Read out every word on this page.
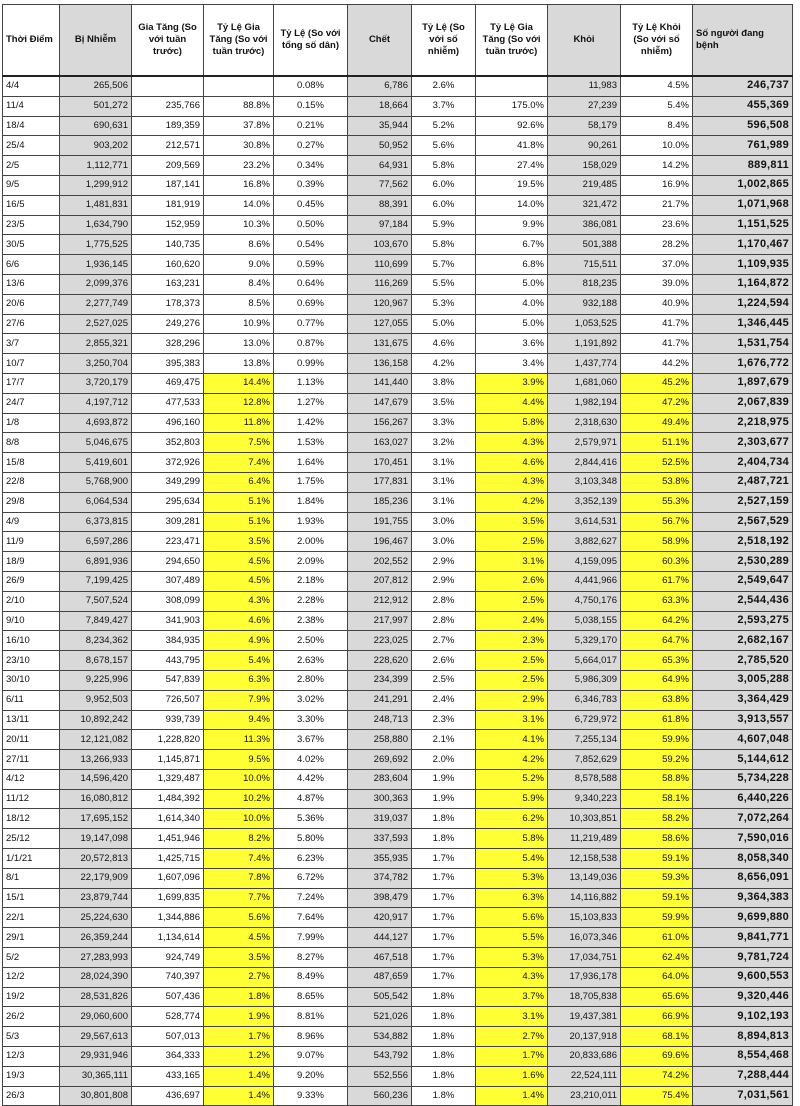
Thời Điểm	Bị Nhiễm	Gia Tăng (So với tuần trước)	Tỷ Lệ Gia Tăng (So với tuần trước)	Tỷ Lệ (So với tổng số dân)	Chết	Tỷ Lệ (So với số nhiễm)	Tỷ Lệ Gia Tăng (So với tuần trước)	Khỏi	Tỷ Lệ Khỏi (So với số nhiễm)	Số người đang bệnh
4/4	265,506			0.08%	6,786	2.6%		11,983	4.5%	246,737
11/4	501,272	235,766	88.8%	0.15%	18,664	3.7%	175.0%	27,239	5.4%	455,369
18/4	690,631	189,359	37.8%	0.21%	35,944	5.2%	92.6%	58,179	8.4%	596,508
25/4	903,202	212,571	30.8%	0.27%	50,952	5.6%	41.8%	90,261	10.0%	761,989
2/5	1,112,771	209,569	23.2%	0.34%	64,931	5.8%	27.4%	158,029	14.2%	889,811
9/5	1,299,912	187,141	16.8%	0.39%	77,562	6.0%	19.5%	219,485	16.9%	1,002,865
16/5	1,481,831	181,919	14.0%	0.45%	88,391	6.0%	14.0%	321,472	21.7%	1,071,968
23/5	1,634,790	152,959	10.3%	0.50%	97,184	5.9%	9.9%	386,081	23.6%	1,151,525
30/5	1,775,525	140,735	8.6%	0.54%	103,670	5.8%	6.7%	501,388	28.2%	1,170,467
6/6	1,936,145	160,620	9.0%	0.59%	110,699	5.7%	6.8%	715,511	37.0%	1,109,935
13/6	2,099,376	163,231	8.4%	0.64%	116,269	5.5%	5.0%	818,235	39.0%	1,164,872
20/6	2,277,749	178,373	8.5%	0.69%	120,967	5.3%	4.0%	932,188	40.9%	1,224,594
27/6	2,527,025	249,276	10.9%	0.77%	127,055	5.0%	5.0%	1,053,525	41.7%	1,346,445
3/7	2,855,321	328,296	13.0%	0.87%	131,675	4.6%	3.6%	1,191,892	41.7%	1,531,754
10/7	3,250,704	395,383	13.8%	0.99%	136,158	4.2%	3.4%	1,437,774	44.2%	1,676,772
17/7	3,720,179	469,475	14.4%	1.13%	141,440	3.8%	3.9%	1,681,060	45.2%	1,897,679
24/7	4,197,712	477,533	12.8%	1.27%	147,679	3.5%	4.4%	1,982,194	47.2%	2,067,839
1/8	4,693,872	496,160	11.8%	1.42%	156,267	3.3%	5.8%	2,318,630	49.4%	2,218,975
8/8	5,046,675	352,803	7.5%	1.53%	163,027	3.2%	4.3%	2,579,971	51.1%	2,303,677
15/8	5,419,601	372,926	7.4%	1.64%	170,451	3.1%	4.6%	2,844,416	52.5%	2,404,734
22/8	5,768,900	349,299	6.4%	1.75%	177,831	3.1%	4.3%	3,103,348	53.8%	2,487,721
29/8	6,064,534	295,634	5.1%	1.84%	185,236	3.1%	4.2%	3,352,139	55.3%	2,527,159
4/9	6,373,815	309,281	5.1%	1.93%	191,755	3.0%	3.5%	3,614,531	56.7%	2,567,529
11/9	6,597,286	223,471	3.5%	2.00%	196,467	3.0%	2.5%	3,882,627	58.9%	2,518,192
18/9	6,891,936	294,650	4.5%	2.09%	202,552	2.9%	3.1%	4,159,095	60.3%	2,530,289
26/9	7,199,425	307,489	4.5%	2.18%	207,812	2.9%	2.6%	4,441,966	61.7%	2,549,647
2/10	7,507,524	308,099	4.3%	2.28%	212,912	2.8%	2.5%	4,750,176	63.3%	2,544,436
9/10	7,849,427	341,903	4.6%	2.38%	217,997	2.8%	2.4%	5,038,155	64.2%	2,593,275
16/10	8,234,362	384,935	4.9%	2.50%	223,025	2.7%	2.3%	5,329,170	64.7%	2,682,167
23/10	8,678,157	443,795	5.4%	2.63%	228,620	2.6%	2.5%	5,664,017	65.3%	2,785,520
30/10	9,225,996	547,839	6.3%	2.80%	234,399	2.5%	2.5%	5,986,309	64.9%	3,005,288
6/11	9,952,503	726,507	7.9%	3.02%	241,291	2.4%	2.9%	6,346,783	63.8%	3,364,429
13/11	10,892,242	939,739	9.4%	3.30%	248,713	2.3%	3.1%	6,729,972	61.8%	3,913,557
20/11	12,121,082	1,228,820	11.3%	3.67%	258,880	2.1%	4.1%	7,255,134	59.9%	4,607,048
27/11	13,266,933	1,145,871	9.5%	4.02%	269,692	2.0%	4.2%	7,852,629	59.2%	5,144,612
4/12	14,596,420	1,329,487	10.0%	4.42%	283,604	1.9%	5.2%	8,578,588	58.8%	5,734,228
11/12	16,080,812	1,484,392	10.2%	4.87%	300,363	1.9%	5.9%	9,340,223	58.1%	6,440,226
18/12	17,695,152	1,614,340	10.0%	5.36%	319,037	1.8%	6.2%	10,303,851	58.2%	7,072,264
25/12	19,147,098	1,451,946	8.2%	5.80%	337,593	1.8%	5.8%	11,219,489	58.6%	7,590,016
1/1/21	20,572,813	1,425,715	7.4%	6.23%	355,935	1.7%	5.4%	12,158,538	59.1%	8,058,340
8/1	22,179,909	1,607,096	7.8%	6.72%	374,782	1.7%	5.3%	13,149,036	59.3%	8,656,091
15/1	23,879,744	1,699,835	7.7%	7.24%	398,479	1.7%	6.3%	14,116,882	59.1%	9,364,383
22/1	25,224,630	1,344,886	5.6%	7.64%	420,917	1.7%	5.6%	15,103,833	59.9%	9,699,880
29/1	26,359,244	1,134,614	4.5%	7.99%	444,127	1.7%	5.5%	16,073,346	61.0%	9,841,771
5/2	27,283,993	924,749	3.5%	8.27%	467,518	1.7%	5.3%	17,034,751	62.4%	9,781,724
12/2	28,024,390	740,397	2.7%	8.49%	487,659	1.7%	4.3%	17,936,178	64.0%	9,600,553
19/2	28,531,826	507,436	1.8%	8.65%	505,542	1.8%	3.7%	18,705,838	65.6%	9,320,446
26/2	29,060,600	528,774	1.9%	8.81%	521,026	1.8%	3.1%	19,437,381	66.9%	9,102,193
5/3	29,567,613	507,013	1.7%	8.96%	534,882	1.8%	2.7%	20,137,918	68.1%	8,894,813
12/3	29,931,946	364,333	1.2%	9.07%	543,792	1.8%	1.7%	20,833,686	69.6%	8,554,468
19/3	30,365,111	433,165	1.4%	9.20%	552,556	1.8%	1.6%	22,524,111	74.2%	7,288,444
26/3	30,801,808	436,697	1.4%	9.33%	560,236	1.8%	1.4%	23,210,011	75.4%	7,031,561
